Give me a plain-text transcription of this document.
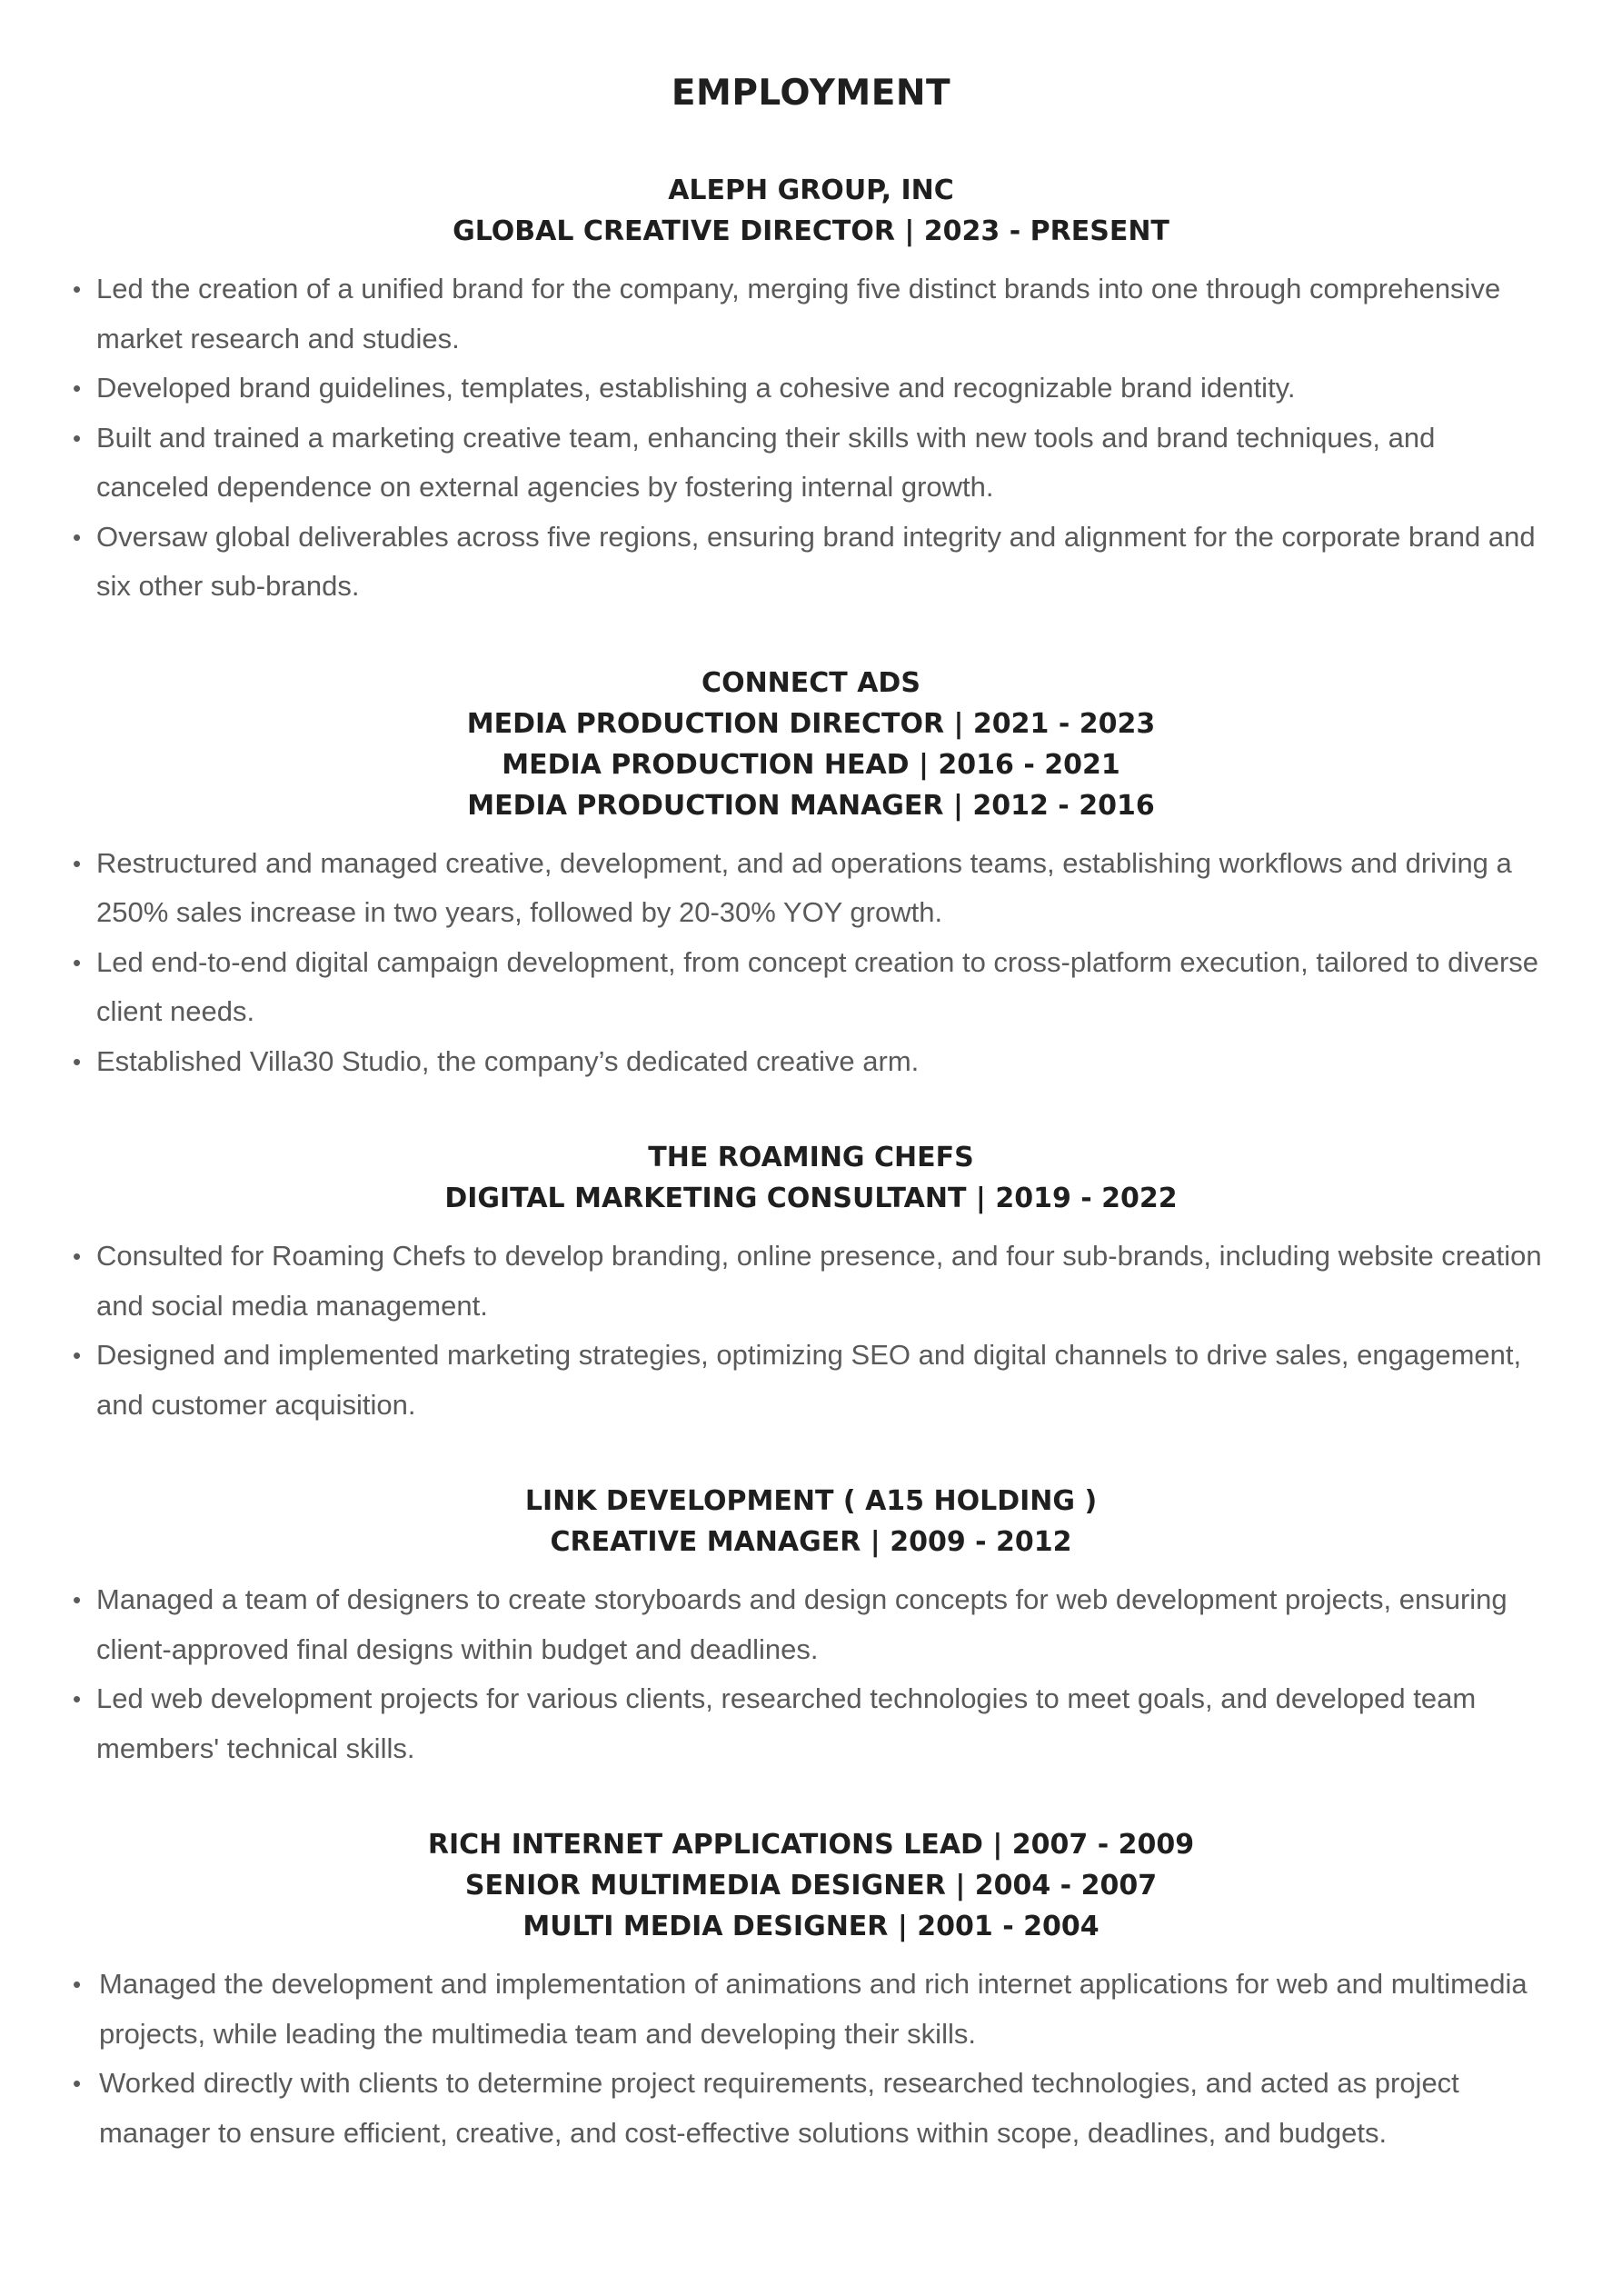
EMPLOYMENT
ALEPH GROUP, INC
GLOBAL CREATIVE DIRECTOR | 2023 - PRESENT
• Led the creation of a unified brand for the company, merging five distinct brands into one through comprehensive market research and studies.
• Developed brand guidelines, templates, establishing a cohesive and recognizable brand identity.
• Built and trained a marketing creative team, enhancing their skills with new tools and brand techniques, and canceled dependence on external agencies by fostering internal growth.
• Oversaw global deliverables across five regions, ensuring brand integrity and alignment for the corporate brand and six other sub-brands.
CONNECT ADS
MEDIA PRODUCTION DIRECTOR | 2021 - 2023
MEDIA PRODUCTION HEAD | 2016 - 2021
MEDIA PRODUCTION MANAGER | 2012 - 2016
• Restructured and managed creative, development, and ad operations teams, establishing workflows and driving a 250% sales increase in two years, followed by 20-30% YOY growth.
• Led end-to-end digital campaign development, from concept creation to cross-platform execution, tailored to diverse client needs.
• Established Villa30 Studio, the company’s dedicated creative arm.
THE ROAMING CHEFS
DIGITAL MARKETING CONSULTANT | 2019 - 2022
• Consulted for Roaming Chefs to develop branding, online presence, and four sub-brands, including website creation and social media management.
• Designed and implemented marketing strategies, optimizing SEO and digital channels to drive sales, engagement, and customer acquisition.
LINK DEVELOPMENT ( A15 HOLDING )
CREATIVE MANAGER | 2009 - 2012
• Managed a team of designers to create storyboards and design concepts for web development projects, ensuring client-approved final designs within budget and deadlines.
• Led web development projects for various clients, researched technologies to meet goals, and developed team members' technical skills.
RICH INTERNET APPLICATIONS LEAD | 2007 - 2009
SENIOR MULTIMEDIA DESIGNER | 2004 - 2007
MULTI MEDIA DESIGNER | 2001 - 2004
• Managed the development and implementation of animations and rich internet applications for web and multimedia projects, while leading the multimedia team and developing their skills.
• Worked directly with clients to determine project requirements, researched technologies, and acted as project manager to ensure efficient, creative, and cost-effective solutions within scope, deadlines, and budgets.
